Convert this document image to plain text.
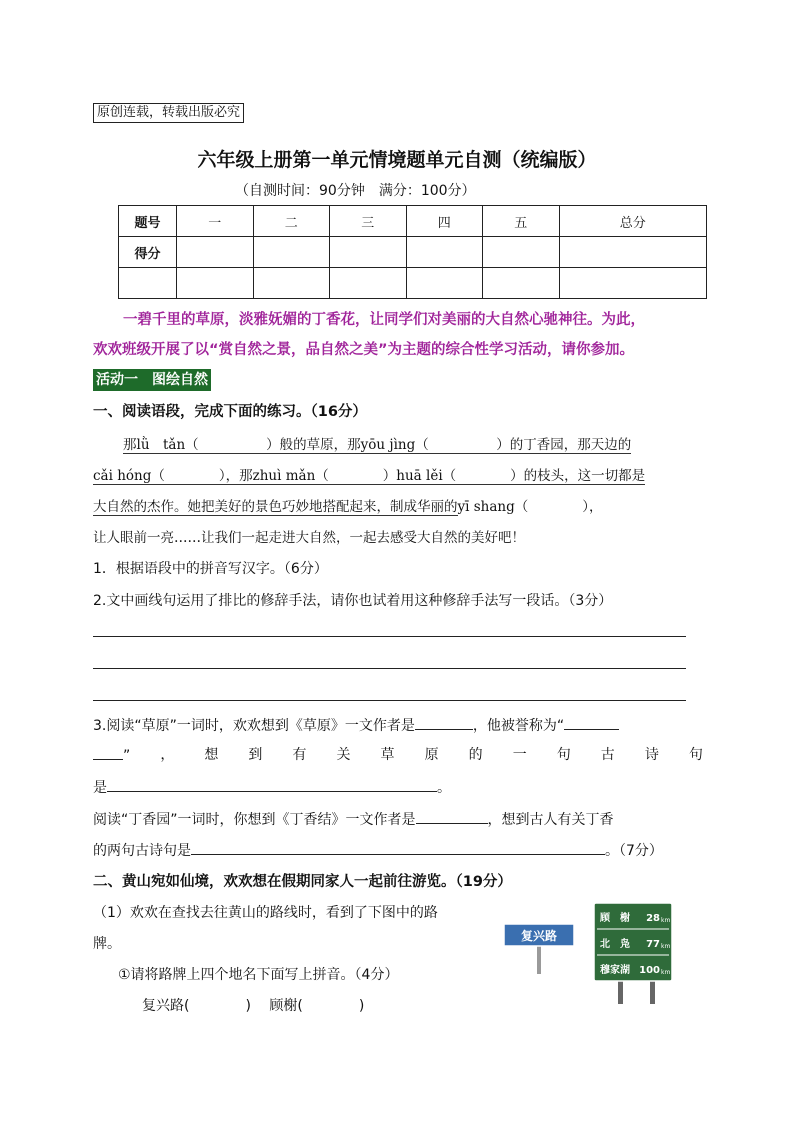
原创连载，转载出版必究
六年级上册第一单元情境题单元自测（统编版）
（自测时间：90分钟　满分：100分）
题号	一	二	三	四	五	总分
得分						

一碧千里的草原，淡雅妩媚的丁香花，让同学们对美丽的大自然心驰神往。为此，
欢欢班级开展了以“赏自然之景，品自然之美”为主题的综合性学习活动，请你参加。
活动一　图绘自然
一、阅读语段，完成下面的练习。（16分）

那lǜ　tǎn（　　　　　）般的草原，那yōu jìng（　　　　　）的丁香园，那天边的

cǎi hóng（　　　　），那zhuì mǎn（　　　　）huā lěi（　　　　）的枝头，这一切都是

大自然的杰作。她把美好的景色巧妙地搭配起来，制成华丽的yī shang（　　　　），

让人眼前一亮……让我们一起走进大自然，一起去感受大自然的美好吧！

1．根据语段中的拼音写汉字。（6分）
2.文中画线句运用了排比的修辞手法，请你也试着用这种修辞手法写一段话。（3分）
3.阅读“草原”一词时，欢欢想到《草原》一文作者是	，他被誉称为“
” ， 想 到 有 关 草 原 的 一 句 古 诗 句
是	。
阅读“丁香园”一词时，你想到《丁香结》一文作者是	，想到古人有关丁香
的两句古诗句是	。（7分）
二、黄山宛如仙境，欢欢想在假期同家人一起前往游览。（19分）
（1）欢欢在查找去往黄山的路线时，看到了下图中的路
牌。
①请将路牌上四个地名下面写上拼音。（4分）
复兴路(　　　　)　 顾榭(　　　　)
复兴路
顾　榭 28 km
北　凫 77 km
穆家湖 100 km
